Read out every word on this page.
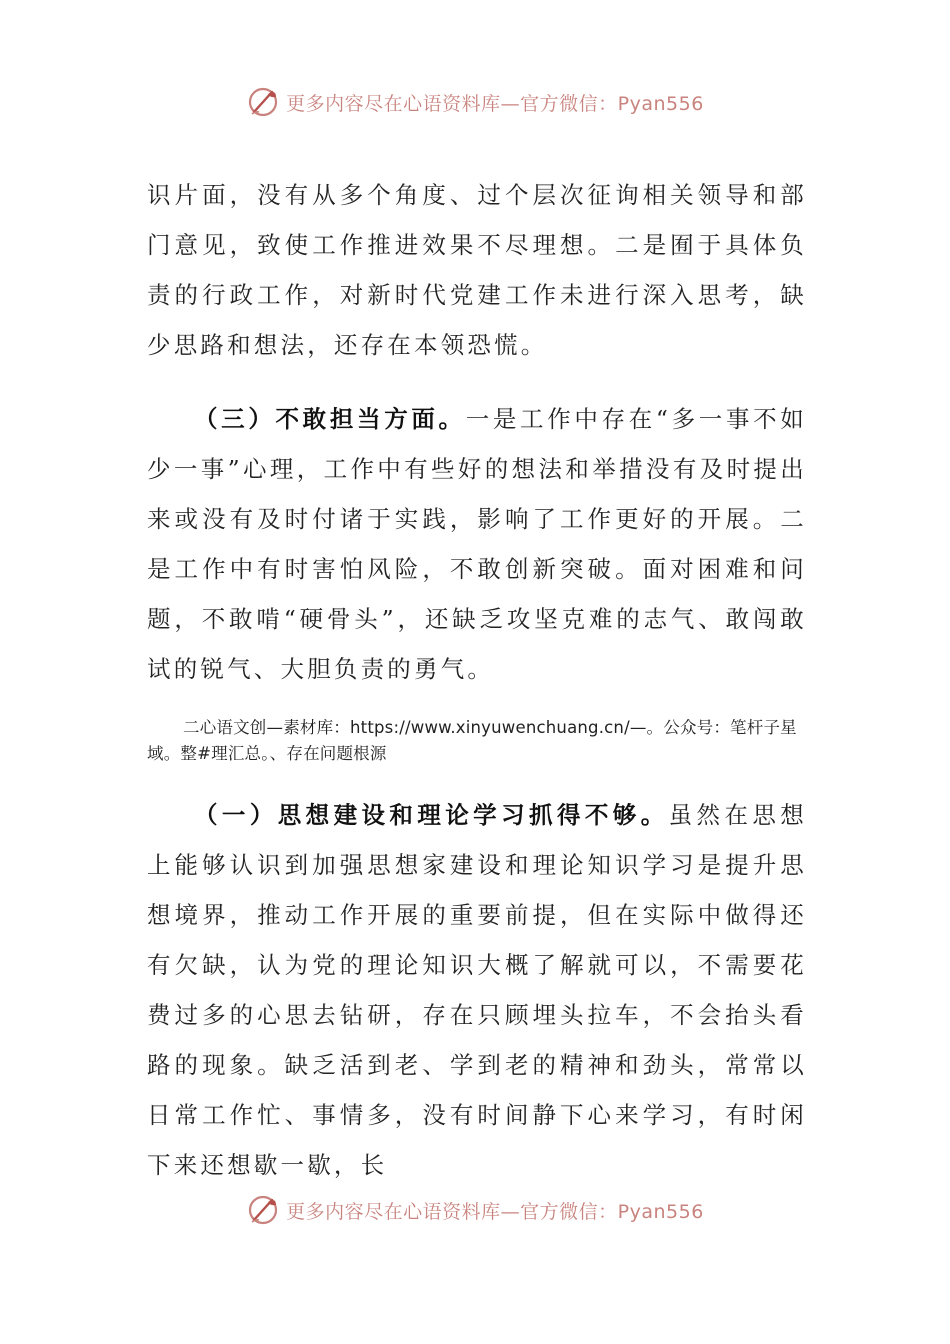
更多内容尽在心语资料库—官方微信：Pyan556

识片面，没有从多个角度、过个层次征询相关领导和部门意见，致使工作推进效果不尽理想。二是囿于具体负责的行政工作，对新时代党建工作未进行深入思考，缺少思路和想法，还存在本领恐慌。

（三）不敢担当方面。一是工作中存在“多一事不如少一事”心理，工作中有些好的想法和举措没有及时提出来或没有及时付诸于实践，影响了工作更好的开展。二是工作中有时害怕风险，不敢创新突破。面对困难和问题，不敢啃“硬骨头”，还缺乏攻坚克难的志气、敢闯敢试的锐气、大胆负责的勇气。

二心语文创—素材库：https://www.xinyuwenchuang.cn/—。公众号：笔杆子星域。整#理汇总。、存在问题根源

（一）思想建设和理论学习抓得不够。虽然在思想上能够认识到加强思想家建设和理论知识学习是提升思想境界，推动工作开展的重要前提，但在实际中做得还有欠缺，认为党的理论知识大概了解就可以，不需要花费过多的心思去钻研，存在只顾埋头拉车，不会抬头看路的现象。缺乏活到老、学到老的精神和劲头，常常以日常工作忙、事情多，没有时间静下心来学习，有时闲下来还想歇一歇，长

更多内容尽在心语资料库—官方微信：Pyan556
